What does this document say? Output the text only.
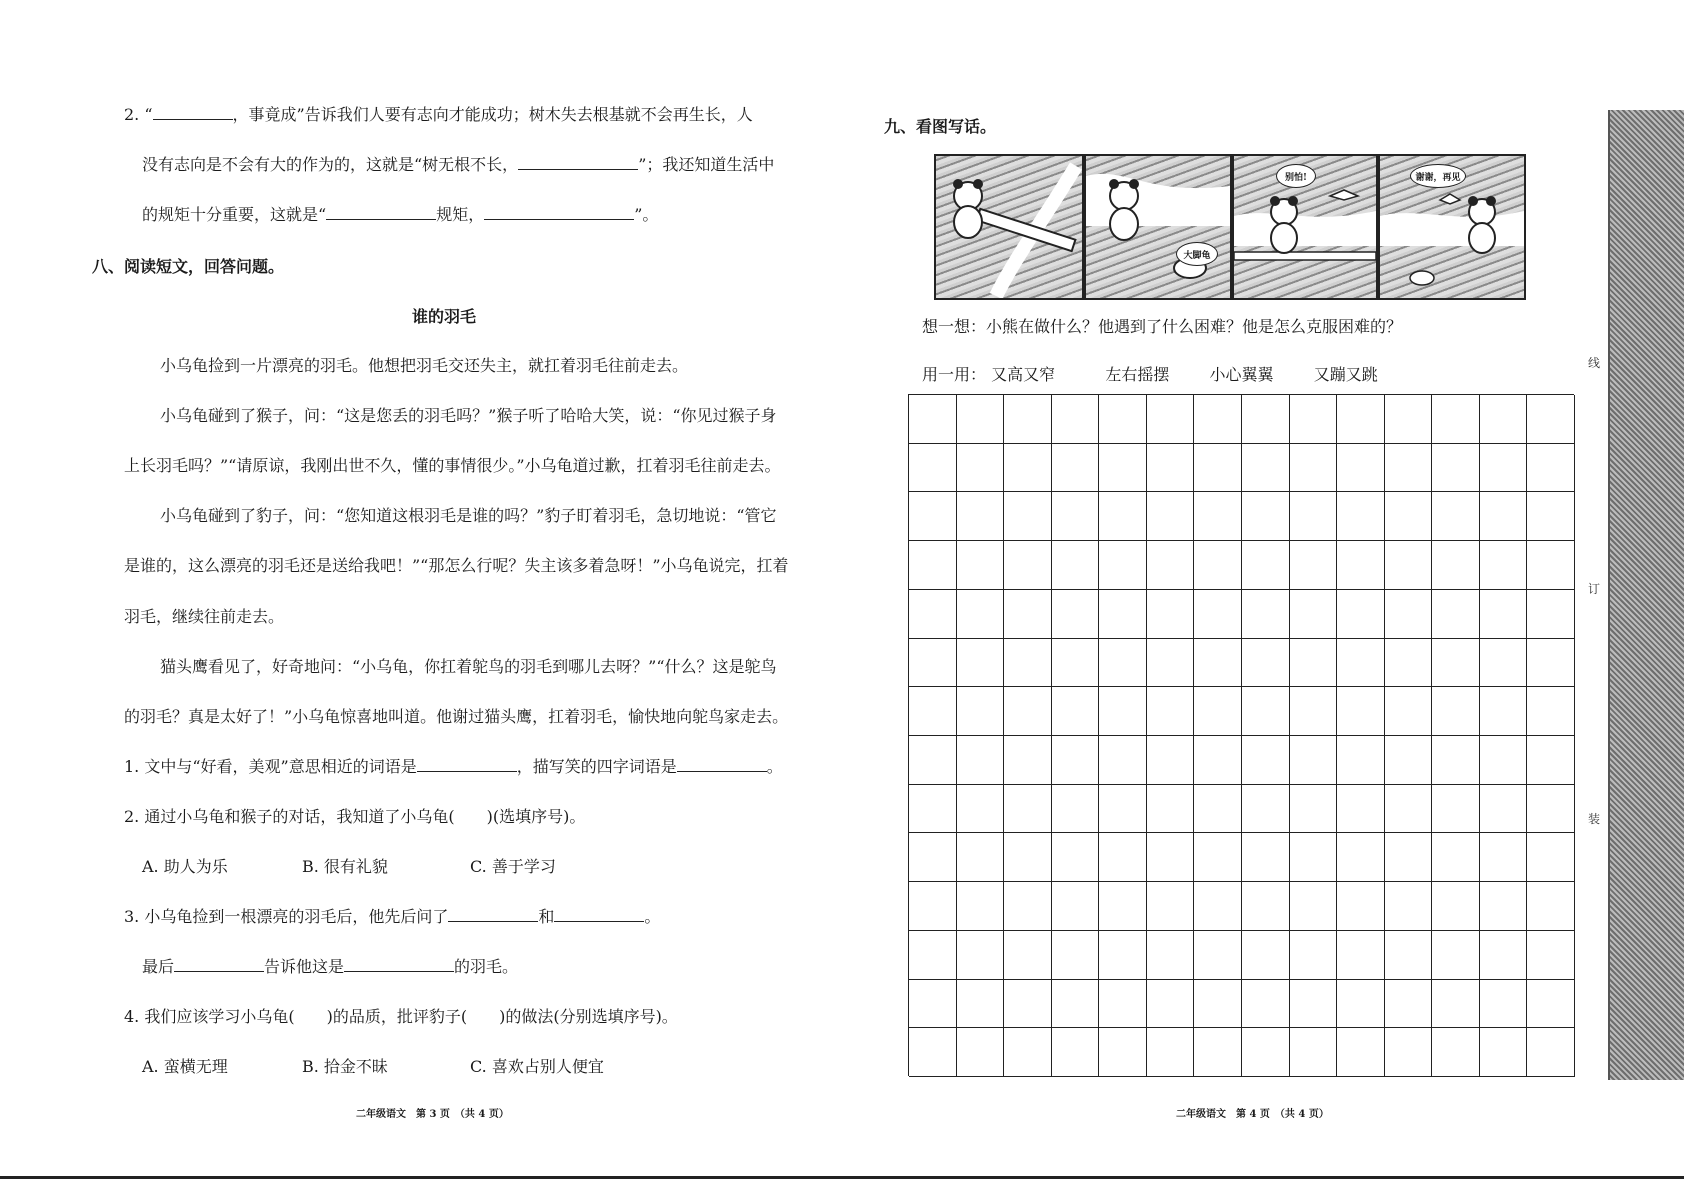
2. “	，事竟成”告诉我们人要有志向才能成功；树木失去根基就不会再生长，人
没有志向是不会有大的作为的，这就是“树无根不长，	”；我还知道生活中
的规矩十分重要，这就是“	规矩，	”。
八、阅读短文，回答问题。
谁的羽毛
小乌龟捡到一片漂亮的羽毛。他想把羽毛交还失主，就扛着羽毛往前走去。
小乌龟碰到了猴子，问：“这是您丢的羽毛吗？”猴子听了哈哈大笑，说：“你见过猴子身
上长羽毛吗？”“请原谅，我刚出世不久，懂的事情很少。”小乌龟道过歉，扛着羽毛往前走去。
小乌龟碰到了豹子，问：“您知道这根羽毛是谁的吗？”豹子盯着羽毛，急切地说：“管它
是谁的，这么漂亮的羽毛还是送给我吧！”“那怎么行呢？失主该多着急呀！”小乌龟说完，扛着
羽毛，继续往前走去。
猫头鹰看见了，好奇地问：“小乌龟，你扛着鸵鸟的羽毛到哪儿去呀？”“什么？这是鸵鸟
的羽毛？真是太好了！”小乌龟惊喜地叫道。他谢过猫头鹰，扛着羽毛，愉快地向鸵鸟家走去。
1. 文中与“好看，美观”意思相近的词语是	，描写笑的四字词语是	。
2. 通过小乌龟和猴子的对话，我知道了小乌龟(　　)(选填序号)。
A. 助人为乐	B. 很有礼貌	C. 善于学习
3. 小乌龟捡到一根漂亮的羽毛后，他先后问了	和	。
最后	告诉他这是	的羽毛。
4. 我们应该学习小乌龟(　　)的品质，批评豹子(　　)的做法(分别选填序号)。
A. 蛮横无理	B. 拾金不昧	C. 喜欢占别人便宜
二年级语文　第 3 页　（共 4 页）
九、看图写话。
大脚龟
别怕!	谢谢，再见
想一想：小熊在做什么？他遇到了什么困难？他是怎么克服困难的？
用一用： 又高又窄	左右摇摆	小心翼翼	又蹦又跳
二年级语文　第 4 页　（共 4 页）
线
订
装
